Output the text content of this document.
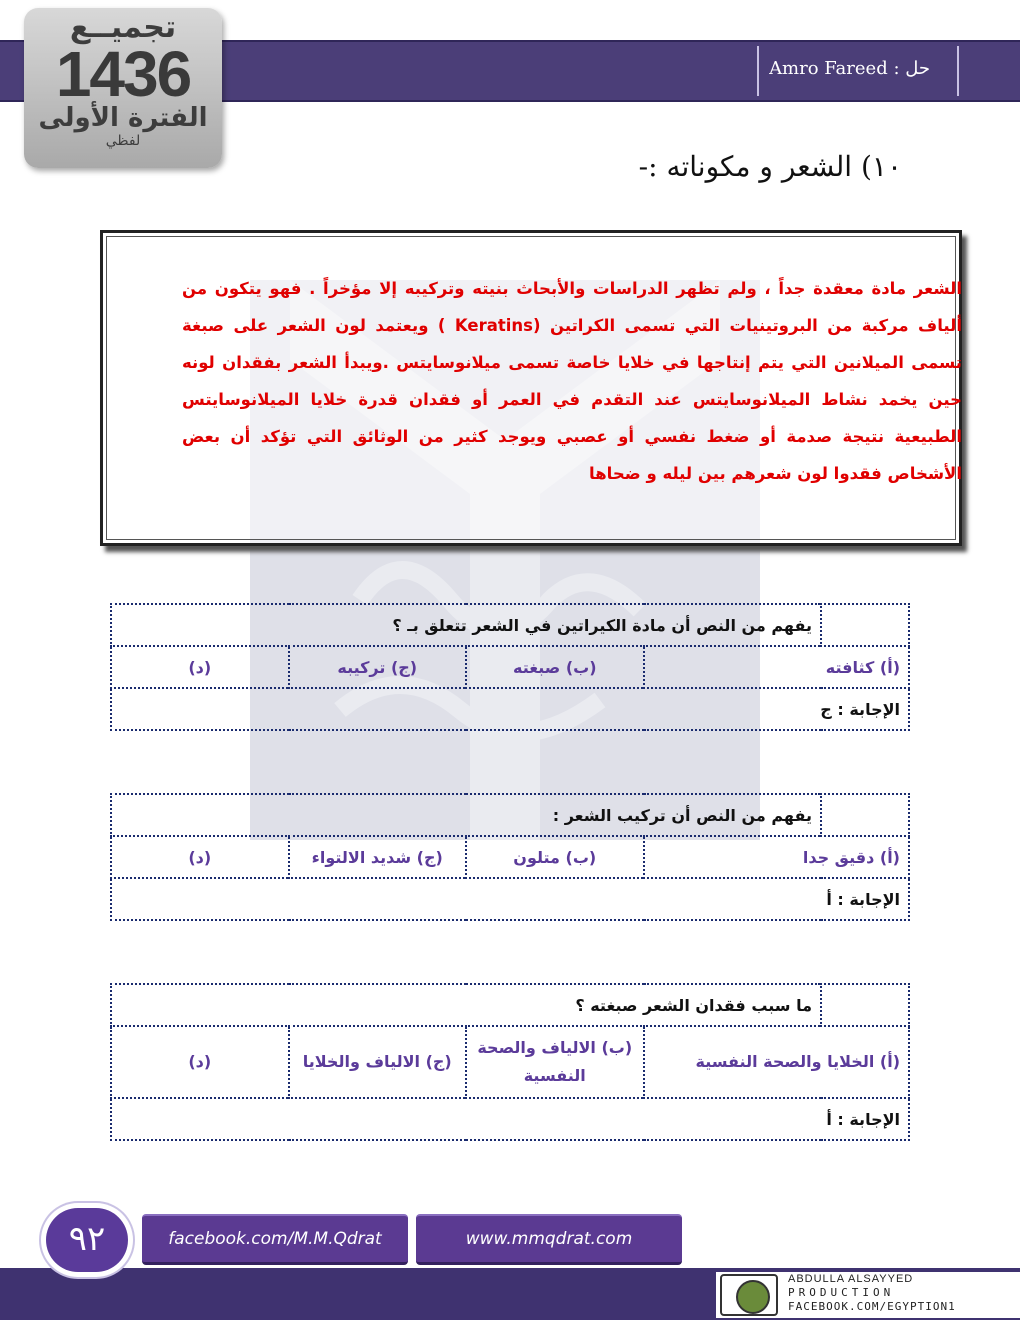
Amro Fareed : حل
تجميــع
1436
الفترة الأولى
لفظي
١٠) الشعر و مكوناته :-
الشعر مادة معقدة جداً ، ولم تظهر الدراسات والأبحاث بنيته وتركيبه إلا مؤخراً . فهو يتكون من ألياف مركبة من البروتينيات التي تسمى الكراتين (Keratins ) ويعتمد لون الشعر على صبغة تسمى الميلانين التي يتم إنتاجها في خلايا خاصة تسمى ميلانوسايتس .ويبدأ الشعر بفقدان لونه حين يخمد نشاط الميلانوسايتس عند التقدم في العمر أو فقدان قدرة خلايا الميلانوسايتس الطبيعية نتيجة صدمة أو ضغط نفسي أو عصبي ويوجد كثير من الوثائق التي تؤكد أن بعض الأشخاص فقدوا لون شعرهم بين ليله و ضحاها
	يفهم من النص أن مادة الكيراتين في الشعر تتعلق بـ ؟			
(أ) كثافته		(ب) صبغته	(ج) تركيبه	(د)
الإجابة : ج				
	يفهم من النص أن تركيب الشعر :			
(أ) دقيق جدا		(ب) متلون	(ج) شديد الالتواء	(د)
الإجابة : أ				
	ما سبب فقدان الشعر صبغته ؟			
(أ) الخلايا والصحة النفسية		(ب) الالياف والصحة النفسية	(ج) الالياف والخلايا	(د)
الإجابة : أ				
٩٢	facebook.com/M.M.Qdrat	www.mmqdrat.com
ABDULLA ALSAYYED
PRODUCTION
FACEBOOK.COM/EGYPTION1
